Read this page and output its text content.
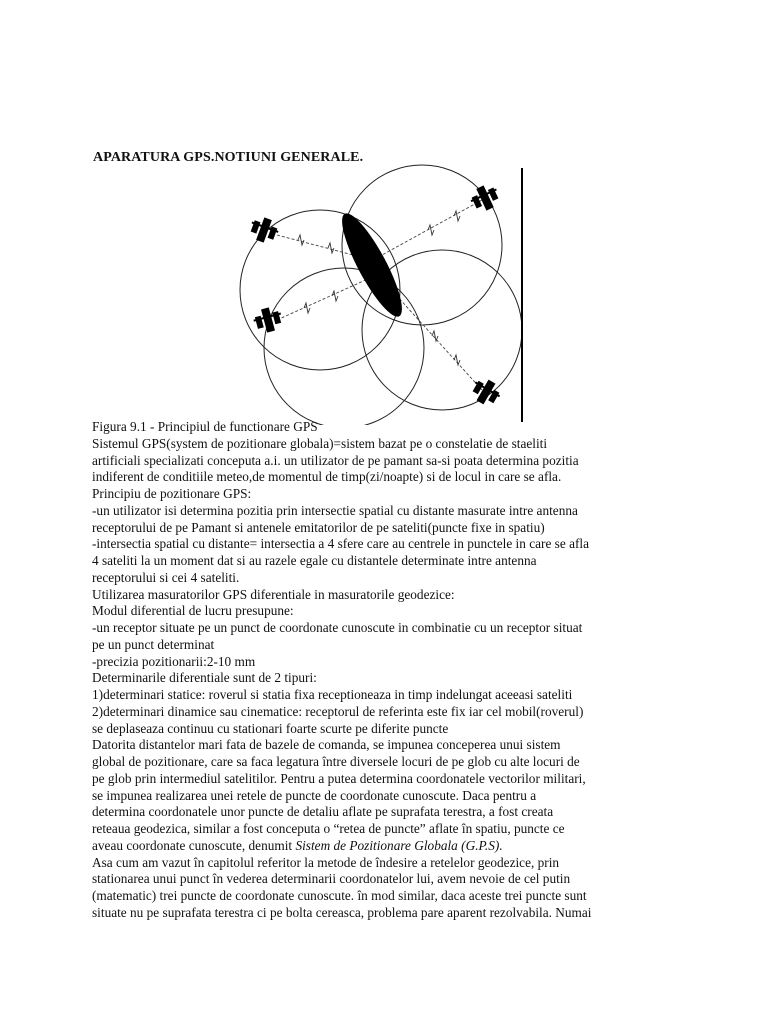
APARATURA GPS.NOTIUNI GENERALE.
Figura 9.1 - Principiul de functionare GPS
Sistemul GPS(system de pozitionare globala)=sistem bazat pe o constelatie de staeliti
artificiali specializati conceputa a.i. un utilizator de pe pamant sa-si poata determina pozitia
indiferent de conditiile meteo,de momentul de timp(zi/noapte) si de locul in care se afla.
Principiu de pozitionare GPS:
-un utilizator isi determina pozitia prin intersectie spatial cu distante masurate intre antenna
receptorului de pe Pamant si antenele emitatorilor de pe sateliti(puncte fixe in spatiu)
-intersectia spatial cu distante= intersectia a 4 sfere care au centrele in punctele in care se afla
4 sateliti la un moment dat si au razele egale cu distantele determinate intre antenna
receptorului si cei 4 sateliti.
Utilizarea masuratorilor GPS diferentiale in masuratorile geodezice:
Modul diferential de lucru presupune:
-un receptor situate pe un punct de coordonate cunoscute in combinatie cu un receptor situat
pe un punct determinat
-precizia pozitionarii:2-10 mm
Determinarile diferentiale sunt de 2 tipuri:
1)determinari statice: roverul si statia fixa receptioneaza in timp indelungat aceeasi sateliti
2)determinari dinamice sau cinematice: receptorul de referinta este fix iar cel mobil(roverul)
se deplaseaza continuu cu stationari foarte scurte pe diferite puncte
Datorita distantelor mari fata de bazele de comanda, se impunea conceperea unui sistem
global de pozitionare, care sa faca legatura între diversele locuri de pe glob cu alte locuri de
pe glob prin intermediul satelitilor. Pentru a putea determina coordonatele vectorilor militari,
se impunea realizarea unei retele de puncte de coordonate cunoscute. Daca pentru a
determina coordonatele unor puncte de detaliu aflate pe suprafata terestra, a fost creata
reteaua geodezica, similar a fost conceputa o “retea de puncte” aflate în spatiu, puncte ce
aveau coordonate cunoscute, denumit Sistem de Pozitionare Globala (G.P.S).
Asa cum am vazut în capitolul referitor la metode de îndesire a retelelor geodezice, prin
stationarea unui punct în vederea determinarii coordonatelor lui, avem nevoie de cel putin
(matematic) trei puncte de coordonate cunoscute. în mod similar, daca aceste trei puncte sunt
situate nu pe suprafata terestra ci pe bolta cereasca, problema pare aparent rezolvabila. Numai
